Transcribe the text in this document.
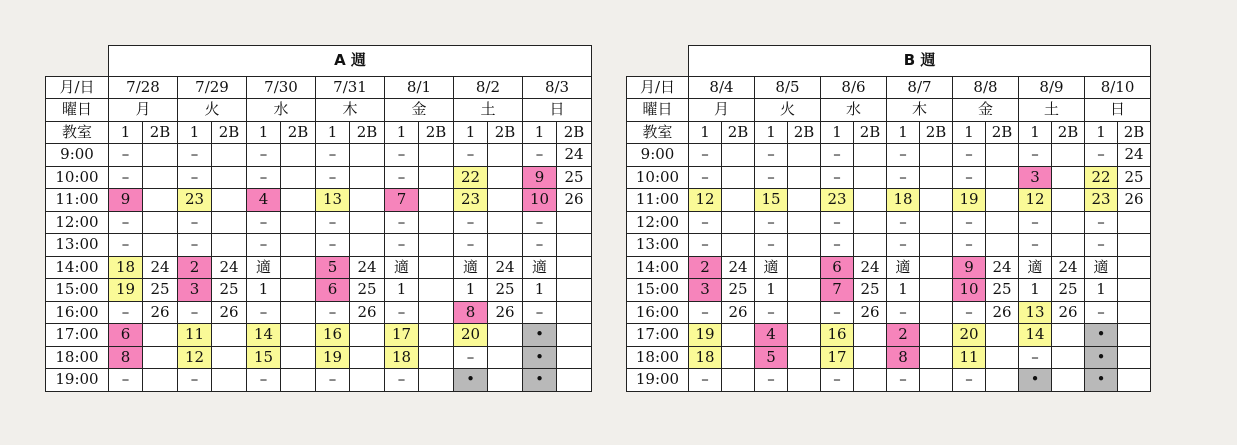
	A 週													
月/日	7/28		7/29		7/30		7/31		8/1		8/2		8/3	
曜日	月		火		水		木		金		土		日	
教室	1	2B	1	2B	1	2B	1	2B	1	2B	1	2B	1	2B
9:00	–		–		–		–		–		–		–	24
10:00	–		–		–		–		–		22		9	25
11:00	9		23		4		13		7		23		10	26
12:00	–		–		–		–		–		–		–	
13:00	–		–		–		–		–		–		–	
14:00	18	24	2	24	適		5	24	適		適	24	適	
15:00	19	25	3	25	1		6	25	1		1	25	1	
16:00	–	26	–	26	–		–	26	–		8	26	–	
17:00	6		11		14		16		17		20		•	
18:00	8		12		15		19		18		–		•	
19:00	–		–		–		–		–		•		•	
	B 週													
月/日	8/4		8/5		8/6		8/7		8/8		8/9		8/10	
曜日	月		火		水		木		金		土		日	
教室	1	2B	1	2B	1	2B	1	2B	1	2B	1	2B	1	2B
9:00	–		–		–		–		–		–		–	24
10:00	–		–		–		–		–		3		22	25
11:00	12		15		23		18		19		12		23	26
12:00	–		–		–		–		–		–		–	
13:00	–		–		–		–		–		–		–	
14:00	2	24	適		6	24	適		9	24	適	24	適	
15:00	3	25	1		7	25	1		10	25	1	25	1	
16:00	–	26	–		–	26	–		–	26	13	26	–	
17:00	19		4		16		2		20		14		•	
18:00	18		5		17		8		11		–		•	
19:00	–		–		–		–		–		•		•	
